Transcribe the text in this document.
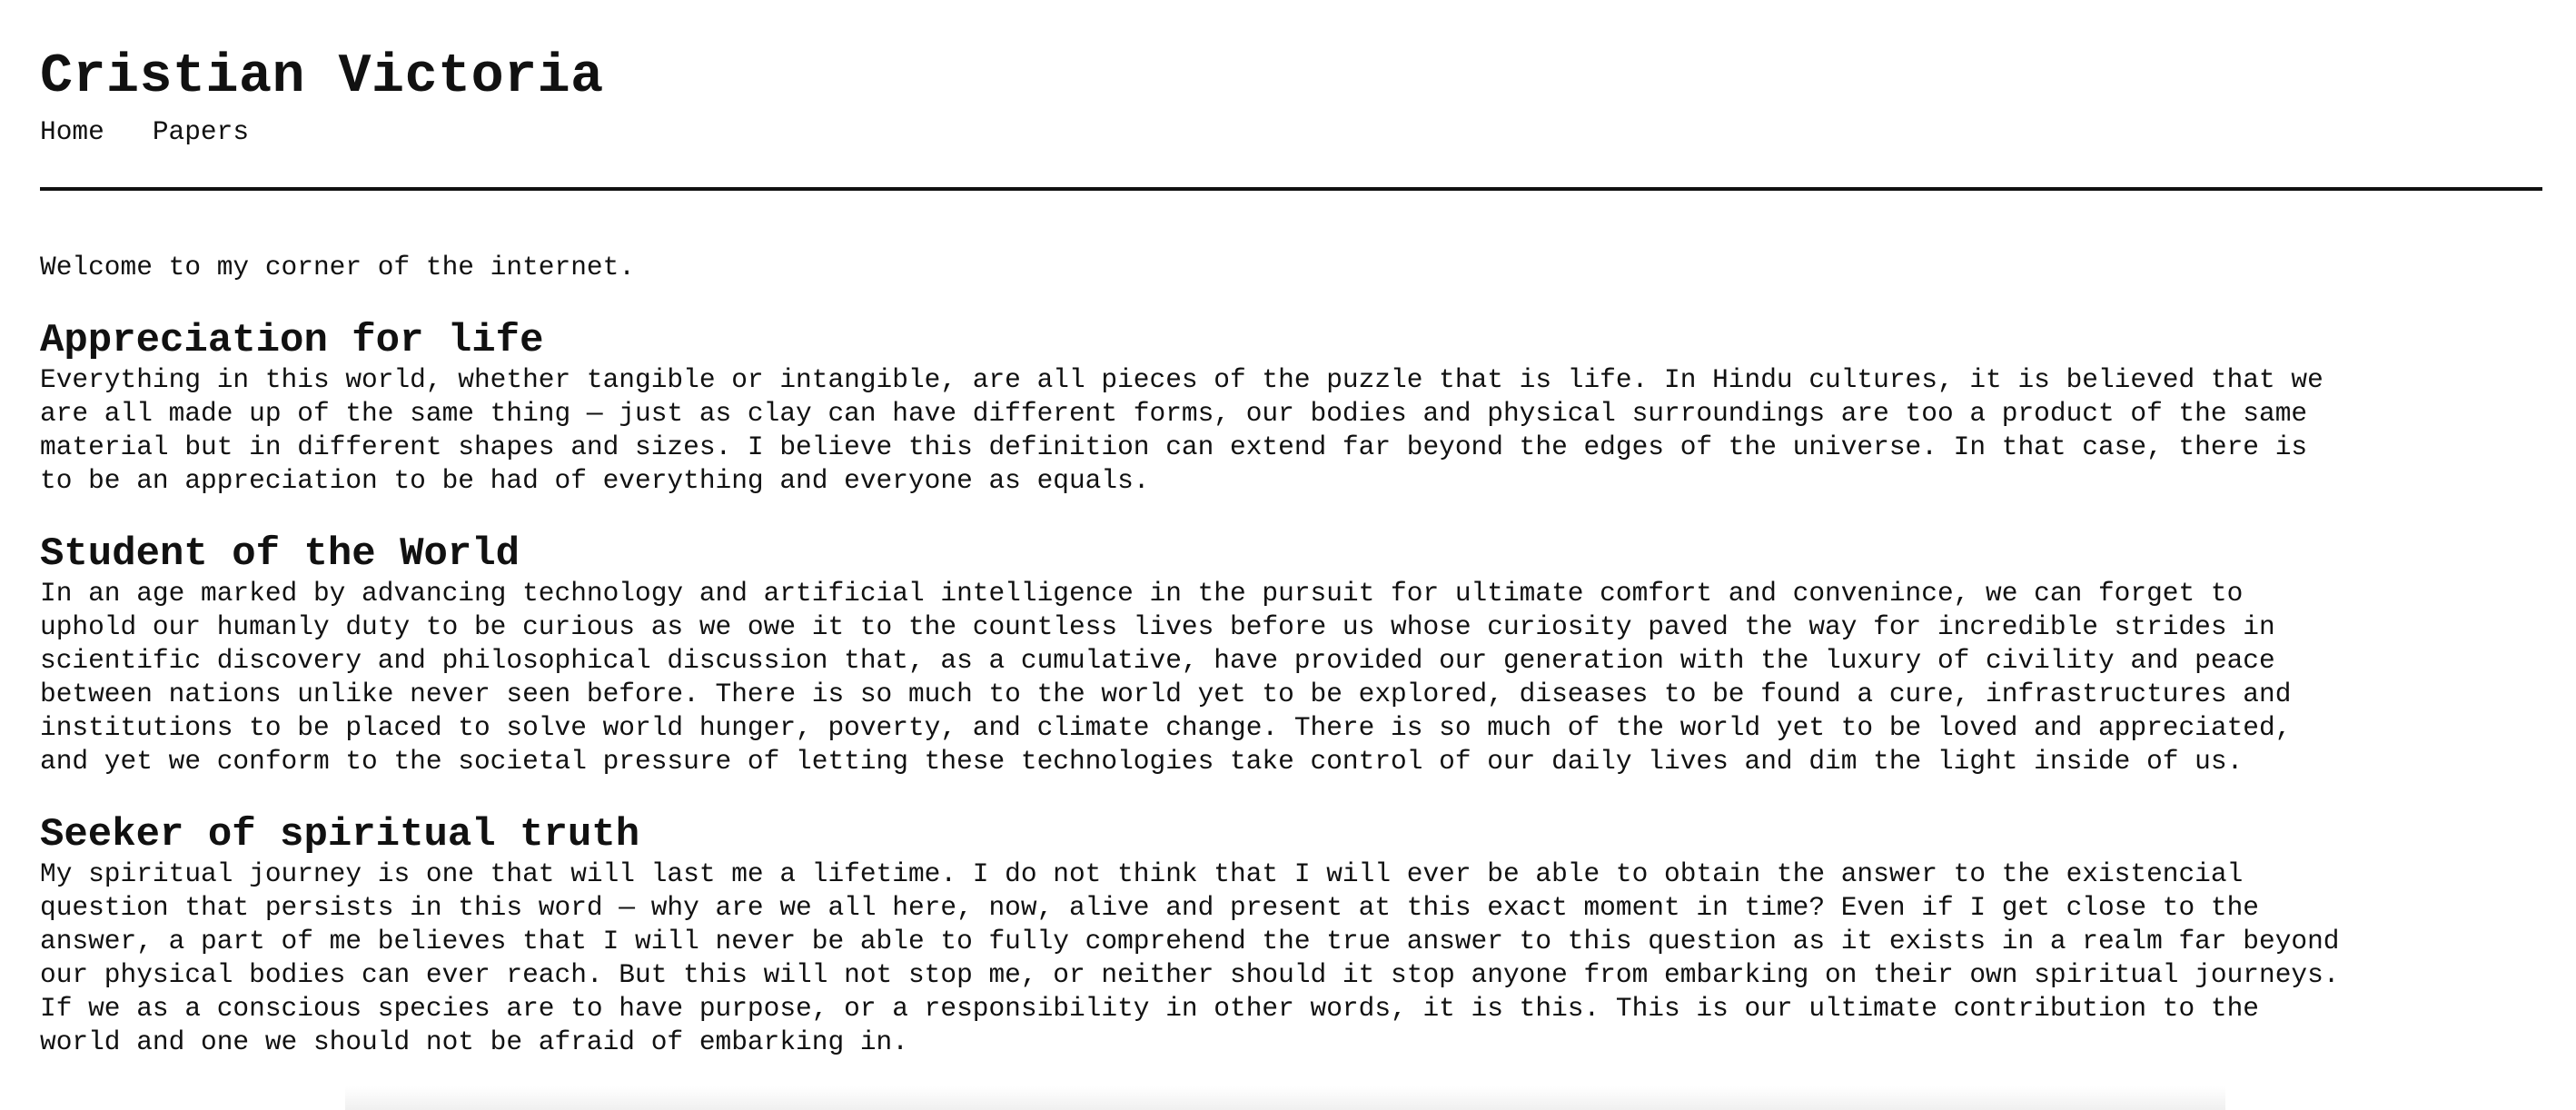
Cristian Victoria
Home Papers

Welcome to my corner of the internet.

Appreciation for life

Everything in this world, whether tangible or intangible, are all pieces of the puzzle that is life. In Hindu cultures, it is believed that we
are all made up of the same thing — just as clay can have different forms, our bodies and physical surroundings are too a product of the same
material but in different shapes and sizes. I believe this definition can extend far beyond the edges of the universe. In that case, there is
to be an appreciation to be had of everything and everyone as equals.

Student of the World

In an age marked by advancing technology and artificial intelligence in the pursuit for ultimate comfort and convenince, we can forget to
uphold our humanly duty to be curious as we owe it to the countless lives before us whose curiosity paved the way for incredible strides in
scientific discovery and philosophical discussion that, as a cumulative, have provided our generation with the luxury of civility and peace
between nations unlike never seen before. There is so much to the world yet to be explored, diseases to be found a cure, infrastructures and
institutions to be placed to solve world hunger, poverty, and climate change. There is so much of the world yet to be loved and appreciated,
and yet we conform to the societal pressure of letting these technologies take control of our daily lives and dim the light inside of us.

Seeker of spiritual truth

My spiritual journey is one that will last me a lifetime. I do not think that I will ever be able to obtain the answer to the existencial
question that persists in this word — why are we all here, now, alive and present at this exact moment in time? Even if I get close to the
answer, a part of me believes that I will never be able to fully comprehend the true answer to this question as it exists in a realm far beyond
our physical bodies can ever reach. But this will not stop me, or neither should it stop anyone from embarking on their own spiritual journeys.
If we as a conscious species are to have purpose, or a responsibility in other words, it is this. This is our ultimate contribution to the
world and one we should not be afraid of embarking in.
